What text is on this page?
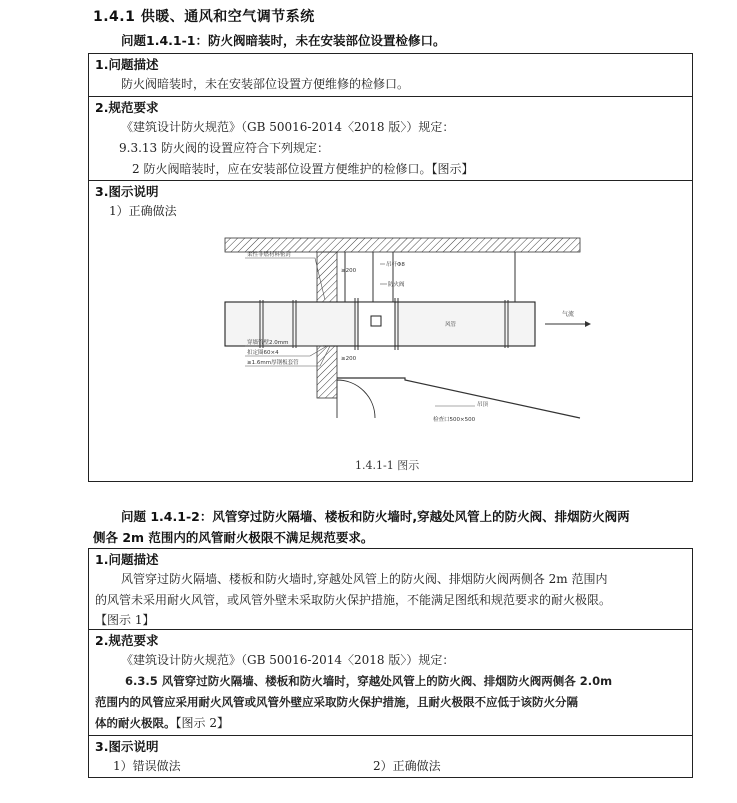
1.4.1 供暖、通风和空气调节系统
问题1.4.1-1：防火阀暗装时，未在安装部位设置检修口。
1.问题描述
防火阀暗装时，未在安装部位设置方便维修的检修口。
2.规范要求
《建筑设计防火规范》（GB 50016-2014〈2018 版〉）规定：
9.3.13 防火阀的设置应符合下列规定：
2 防火阀暗装时，应在安装部位设置方便维护的检修口。【图示】
3.图示说明
1）正确做法
柔性非燃材料密封
吊杆Φ8
防火阀
风管
气流
≥200
≥200
穿墙管壁2.0mm
扣定圈60×4
≥1.6mm厚钢板套管
吊顶
检查口500×500
1.4.1-1 图示
问题 1.4.1-2：风管穿过防火隔墙、楼板和防火墙时,穿越处风管上的防火阀、排烟防火阀两
侧各 2m 范围内的风管耐火极限不满足规范要求。
1.问题描述
风管穿过防火隔墙、楼板和防火墙时,穿越处风管上的防火阀、排烟防火阀两侧各 2m 范围内
的风管未采用耐火风管，或风管外壁未采取防火保护措施，不能满足图纸和规范要求的耐火极限。
【图示 1】
2.规范要求
《建筑设计防火规范》（GB 50016-2014〈2018 版〉）规定：
6.3.5 风管穿过防火隔墙、楼板和防火墙时，穿越处风管上的防火阀、排烟防火阀两侧各 2.0m
范围内的风管应采用耐火风管或风管外壁应采取防火保护措施，且耐火极限不应低于该防火分隔
体的耐火极限。【图示 2】
3.图示说明
1）错误做法	2）正确做法
